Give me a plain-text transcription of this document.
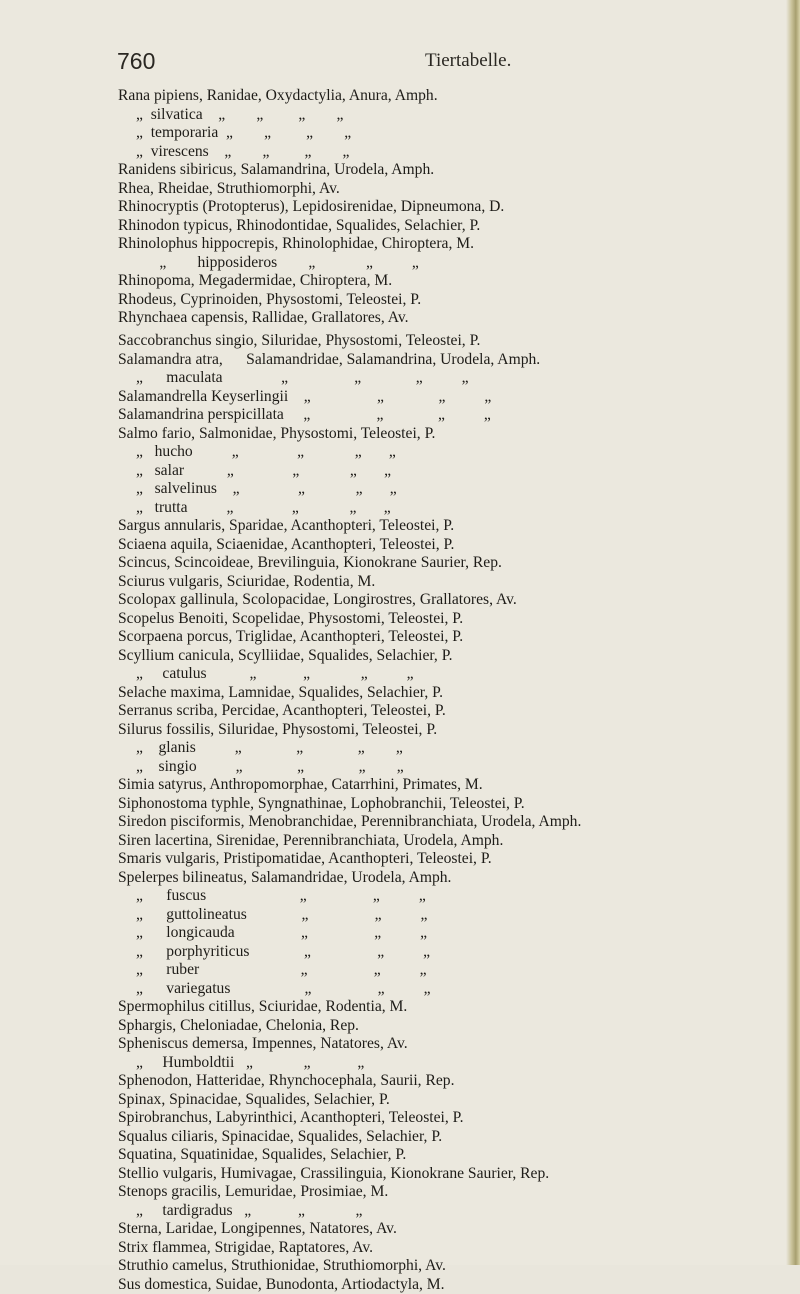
760	Tiertabelle.
Rana pipiens, Ranidae, Oxydactylia, Anura, Amph.
„  silvatica    „        „         „        „
„  temporaria  „        „         „        „
„  virescens    „        „         „        „
Ranidens sibiricus, Salamandrina, Urodela, Amph.
Rhea, Rheidae, Struthiomorphi, Av.
Rhinocryptis (Protopterus), Lepidosirenidae, Dipneumona, D.
Rhinodon typicus, Rhinodontidae, Squalides, Selachier, P.
Rhinolophus hippocrepis, Rhinolophidae, Chiroptera, M.
„        hipposideros        „             „          „
Rhinopoma, Megadermidae, Chiroptera, M.
Rhodeus, Cyprinoiden, Physostomi, Teleostei, P.
Rhynchaea capensis, Rallidae, Grallatores, Av.
Saccobranchus singio, Siluridae, Physostomi, Teleostei, P.
Salamandra atra,      Salamandridae, Salamandrina, Urodela, Amph.
„      maculata               „                 „              „          „
Salamandrella Keyserlingii    „                 „              „          „
Salamandrina perspicillata     „                 „              „          „
Salmo fario, Salmonidae, Physostomi, Teleostei, P.
„   hucho          „               „             „       „
„   salar           „               „             „       „
„   salvelinus    „               „             „       „
„   trutta          „               „             „       „
Sargus annularis, Sparidae, Acanthopteri, Teleostei, P.
Sciaena aquila, Sciaenidae, Acanthopteri, Teleostei, P.
Scincus, Scincoideae, Brevilinguia, Kionokrane Saurier, Rep.
Sciurus vulgaris, Sciuridae, Rodentia, M.
Scolopax gallinula, Scolopacidae, Longirostres, Grallatores, Av.
Scopelus Benoiti, Scopelidae, Physostomi, Teleostei, P.
Scorpaena porcus, Triglidae, Acanthopteri, Teleostei, P.
Scyllium canicula, Scylliidae, Squalides, Selachier, P.
„     catulus           „            „             „          „
Selache maxima, Lamnidae, Squalides, Selachier, P.
Serranus scriba, Percidae, Acanthopteri, Teleostei, P.
Silurus fossilis, Siluridae, Physostomi, Teleostei, P.
„    glanis          „              „              „        „
„    singio          „              „              „        „
Simia satyrus, Anthropomorphae, Catarrhini, Primates, M.
Siphonostoma typhle, Syngnathinae, Lophobranchii, Teleostei, P.
Siredon pisciformis, Menobranchidae, Perennibranchiata, Urodela, Amph.
Siren lacertina, Sirenidae, Perennibranchiata, Urodela, Amph.
Smaris vulgaris, Pristipomatidae, Acanthopteri, Teleostei, P.
Spelerpes bilineatus, Salamandridae, Urodela, Amph.
„      fuscus                        „                 „          „
„      guttolineatus              „                 „          „
„      longicauda                 „                 „          „
„      porphyriticus              „                 „          „
„      ruber                          „                 „          „
„      variegatus                   „                 „          „
Spermophilus citillus, Sciuridae, Rodentia, M.
Sphargis, Cheloniadae, Chelonia, Rep.
Spheniscus demersa, Impennes, Natatores, Av.
„     Humboldtii   „             „            „
Sphenodon, Hatteridae, Rhynchocephala, Saurii, Rep.
Spinax, Spinacidae, Squalides, Selachier, P.
Spirobranchus, Labyrinthici, Acanthopteri, Teleostei, P.
Squalus ciliaris, Spinacidae, Squalides, Selachier, P.
Squatina, Squatinidae, Squalides, Selachier, P.
Stellio vulgaris, Humivagae, Crassilinguia, Kionokrane Saurier, Rep.
Stenops gracilis, Lemuridae, Prosimiae, M.
„     tardigradus   „            „             „
Sterna, Laridae, Longipennes, Natatores, Av.
Strix flammea, Strigidae, Raptatores, Av.
Struthio camelus, Struthionidae, Struthiomorphi, Av.
Sus domestica, Suidae, Bunodonta, Artiodactyla, M.
